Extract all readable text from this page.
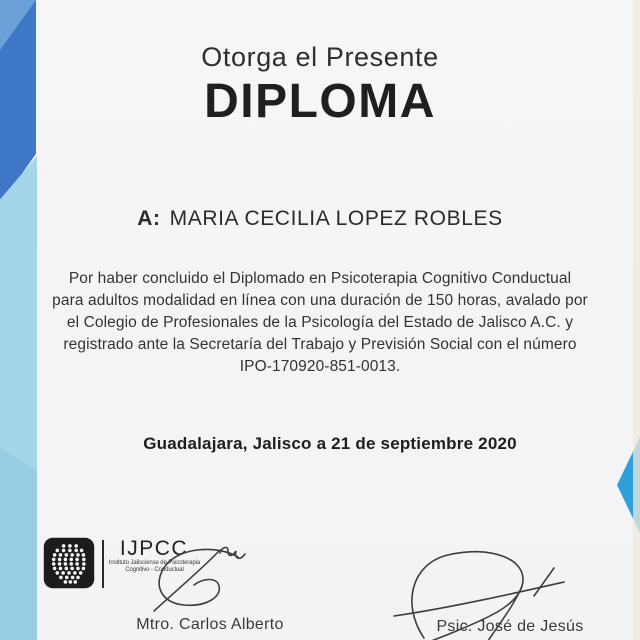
Otorga el Presente
DIPLOMA
A: MARIA CECILIA LOPEZ ROBLES
Por haber concluido el Diplomado en Psicoterapia Cognitivo Conductual
para adultos modalidad en línea con una duración de 150 horas, avalado por
el Colegio de Profesionales de la Psicología del Estado de Jalisco A.C. y
registrado ante la Secretaría del Trabajo y Previsión Social con el número
IPO-170920-851-0013.
Guadalajara, Jalisco a 21 de septiembre 2020
IJPCC
Instituto Jalisciense de Psicoterapia
Cognitivo - Conductual
Mtro. Carlos Alberto	Psic. José de Jesús
